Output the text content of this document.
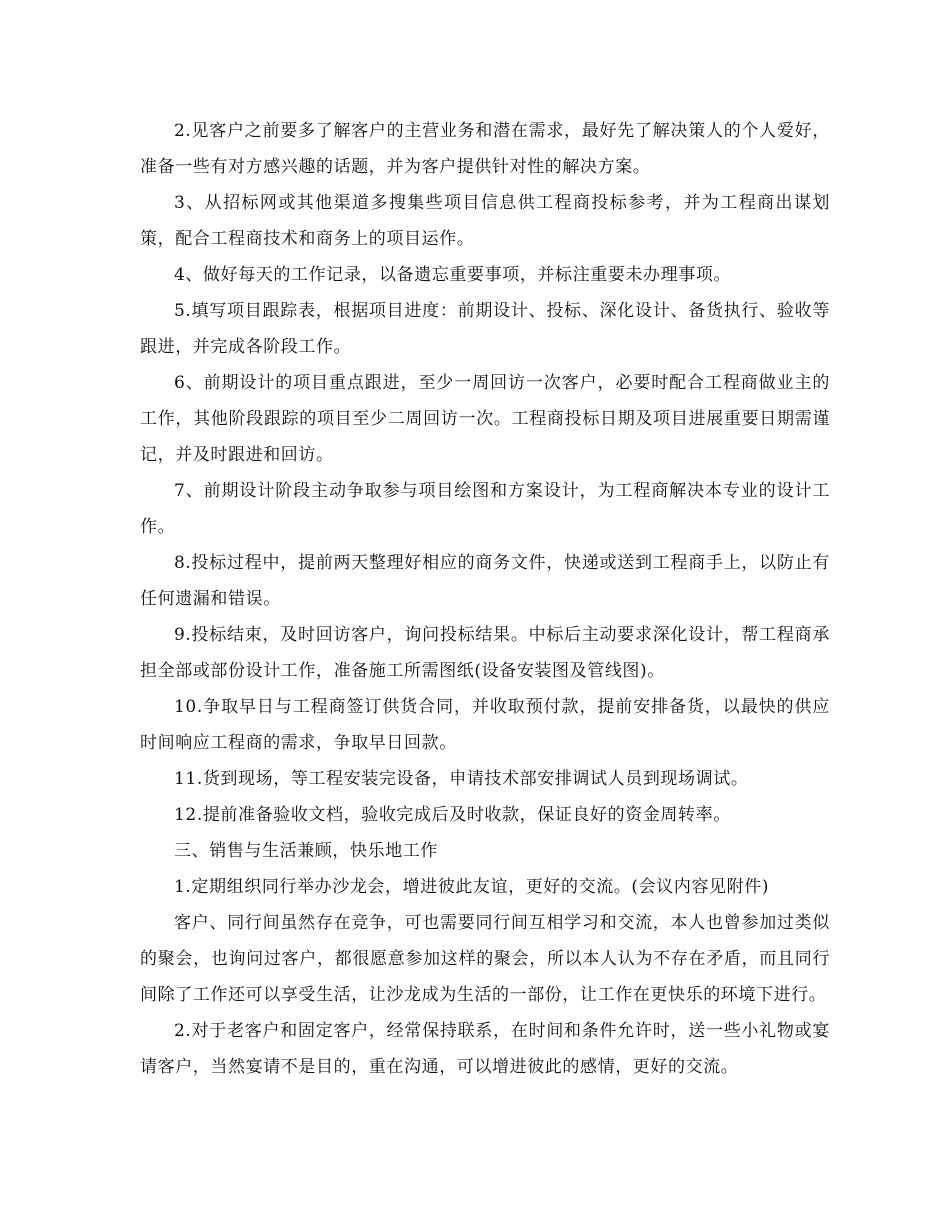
2.见客户之前要多了解客户的主营业务和潜在需求，最好先了解决策人的个人爱好，准备一些有对方感兴趣的话题，并为客户提供针对性的解决方案。

3、从招标网或其他渠道多搜集些项目信息供工程商投标参考，并为工程商出谋划策，配合工程商技术和商务上的项目运作。

4、做好每天的工作记录，以备遗忘重要事项，并标注重要未办理事项。

5.填写项目跟踪表，根据项目进度：前期设计、投标、深化设计、备货执行、验收等跟进，并完成各阶段工作。

6、前期设计的项目重点跟进，至少一周回访一次客户，必要时配合工程商做业主的工作，其他阶段跟踪的项目至少二周回访一次。工程商投标日期及项目进展重要日期需谨记，并及时跟进和回访。

7、前期设计阶段主动争取参与项目绘图和方案设计，为工程商解决本专业的设计工作。

8.投标过程中，提前两天整理好相应的商务文件，快递或送到工程商手上，以防止有任何遗漏和错误。

9.投标结束，及时回访客户，询问投标结果。中标后主动要求深化设计，帮工程商承担全部或部份设计工作，准备施工所需图纸(设备安装图及管线图)。

10.争取早日与工程商签订供货合同，并收取预付款，提前安排备货，以最快的供应时间响应工程商的需求，争取早日回款。

11.货到现场，等工程安装完设备，申请技术部安排调试人员到现场调试。

12.提前准备验收文档，验收完成后及时收款，保证良好的资金周转率。

三、销售与生活兼顾，快乐地工作

1.定期组织同行举办沙龙会，增进彼此友谊，更好的交流。(会议内容见附件)

客户、同行间虽然存在竞争，可也需要同行间互相学习和交流，本人也曾参加过类似的聚会，也询问过客户，都很愿意参加这样的聚会，所以本人认为不存在矛盾，而且同行间除了工作还可以享受生活，让沙龙成为生活的一部份，让工作在更快乐的环境下进行。

2.对于老客户和固定客户，经常保持联系，在时间和条件允许时，送一些小礼物或宴请客户，当然宴请不是目的，重在沟通，可以增进彼此的感情，更好的交流。
